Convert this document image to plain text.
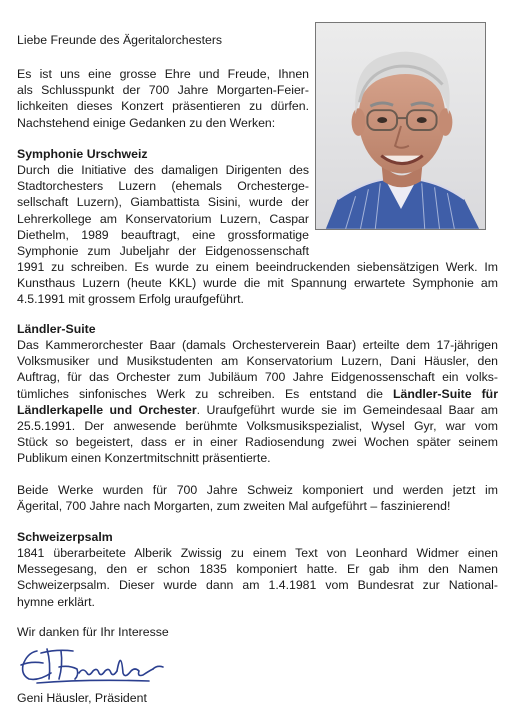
Liebe Freunde des Ägeritalorchesters
Es ist uns eine grosse Ehre und Freude, Ihnen
als Schlusspunkt der 700 Jahre Morgarten-Feier-
lichkeiten dieses Konzert präsentieren zu dürfen.
Nachstehend einige Gedanken zu den Werken:
Symphonie Urschweiz
Durch die Initiative des damaligen Dirigenten des
Stadtorchesters Luzern (ehemals Orchesterge-
sellschaft Luzern), Giambattista Sisini, wurde der
Lehrerkollege am Konservatorium Luzern, Caspar
Diethelm, 1989 beauftragt, eine grossformatige
Symphonie zum Jubeljahr der Eidgenossenschaft
1991 zu schreiben. Es wurde zu einem beeindruckenden siebensätzigen Werk. Im
Kunsthaus Luzern (heute KKL) wurde die mit Spannung erwartete Symphonie am
4.5.1991 mit grossem Erfolg uraufgeführt.
Ländler-Suite
Das Kammerorchester Baar (damals Orchesterverein Baar) erteilte dem 17-jährigen
Volksmusiker und Musikstudenten am Konservatorium Luzern, Dani Häusler, den
Auftrag, für das Orchester zum Jubiläum 700 Jahre Eidgenossenschaft ein volks-
tümliches sinfonisches Werk zu schreiben. Es entstand die Ländler-Suite für
Ländlerkapelle und Orchester. Uraufgeführt wurde sie im Gemeindesaal Baar am
25.5.1991. Der anwesende berühmte Volksmusikspezialist, Wysel Gyr, war vom
Stück so begeistert, dass er in einer Radiosendung zwei Wochen später seinem
Publikum einen Konzertmitschnitt präsentierte.
Beide Werke wurden für 700 Jahre Schweiz komponiert und werden jetzt im
Ägerital, 700 Jahre nach Morgarten, zum zweiten Mal aufgeführt – faszinierend!
Schweizerpsalm
1841 überarbeitete Alberik Zwissig zu einem Text von Leonhard Widmer einen
Messegesang, den er schon 1835 komponiert hatte. Er gab ihm den Namen
Schweizerpsalm. Dieser wurde dann am 1.4.1981 vom Bundesrat zur National-
hymne erklärt.
Wir danken für Ihr Interesse
Geni Häusler, Präsident
